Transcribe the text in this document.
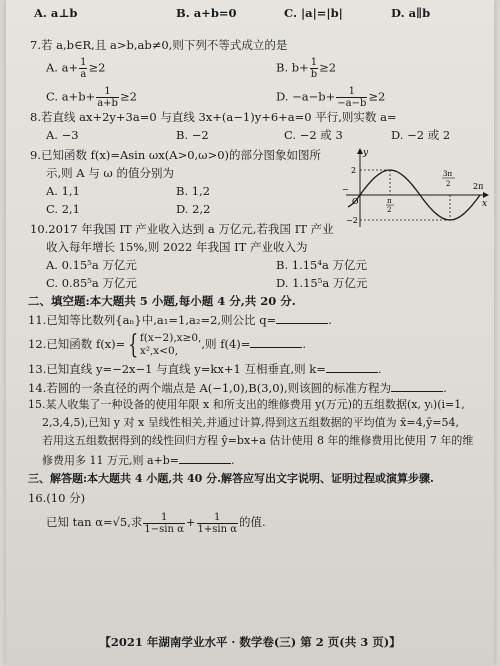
A. a⊥b	B. a+b=0	C. |a|=|b|	D. a∥b
7.若 a,b∈R,且 a>b,ab≠0,则下列不等式成立的是
A. $a+ \frac{1}{a} \ge 2$	B. $b+ \frac{1}{b} \ge 2$
C. $a+b+ \frac{1}{a+b} \ge 2$	D. $-a-b+ \frac{1}{-a-b} \ge 2$
8.若直线 ax+2y+3a=0 与直线 3x+(a−1)y+6+a=0 平行,则实数 a=
A. −3	B. −2	C. −2 或 3	D. −2 或 2
9.已知函数 f(x)=Asin ωx(A>0,ω>0)的部分图象如图所
示,则 A 与 ω 的值分别为
A. 1,1	B. 1,2
C. 2,1	D. 2,2
y
x
O
2
−2
−
π
2
3π
2	2π
10.2017 年我国 IT 产业收入达到 a 万亿元,若我国 IT 产业
收入每年增长 15%,则 2022 年我国 IT 产业收入为
A. 0.15⁵a 万亿元	B. 1.15⁴a 万亿元
C. 0.85⁵a 万亿元	D. 1.15⁵a 万亿元
二、填空题:本大题共 5 小题,每小题 4 分,共 20 分.
11.已知等比数列{aₙ}中,a₁=1,a₂=2,则公比 q=	.
12.已知函数 f(x)= { f(x−2),x≥0,
x²,x<0,	,则 f(4)=	.
13.已知直线 y=−2x−1 与直线 y=kx+1 互相垂直,则 k=	.
14.若圆的一条直径的两个端点是 A(−1,0),B(3,0),则该圆的标准方程为	.
15.某人收集了一种设备的使用年限 x 和所支出的维修费用 y(万元)的五组数据(x, yᵢ)(i=1,
2,3,4,5),已知 y 对 x 呈线性相关,并通过计算,得到这五组数据的平均值为 x̄=4,ȳ=54,
若用这五组数据得到的线性回归方程 ŷ=bx+a 估计使用 8 年的维修费用比使用 7 年的维
修费用多 11 万元,则 a+b=	.
三、解答题:本大题共 4 小题,共 40 分.解答应写出文字说明、证明过程或演算步骤.
16.(10 分)
已知 tan α=√5,求 $\frac{1}{\text{1−sin α}} + \frac{1}{\text{1+sin α}}$ 的值.
【2021 年湖南学业水平 · 数学卷(三) 第 2 页(共 3 页)】
